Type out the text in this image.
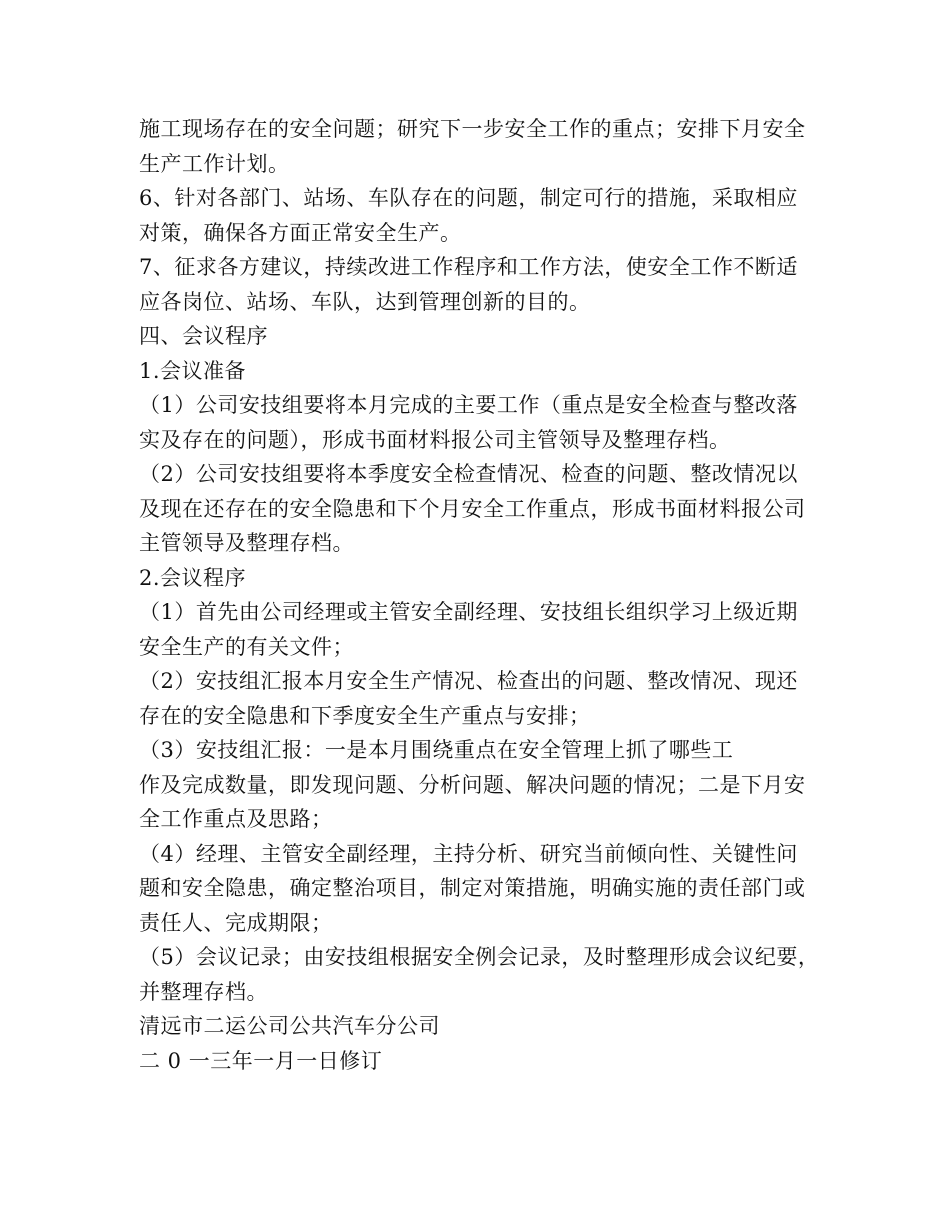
施工现场存在的安全问题；研究下一步安全工作的重点；安排下月安全

生产工作计划。

6、针对各部门、站场、车队存在的问题，制定可行的措施，采取相应

对策，确保各方面正常安全生产。

7、征求各方建议，持续改进工作程序和工作方法，使安全工作不断适

应各岗位、站场、车队，达到管理创新的目的。

四、会议程序

1.会议准备

（1）公司安技组要将本月完成的主要工作（重点是安全检查与整改落

实及存在的问题），形成书面材料报公司主管领导及整理存档。

（2）公司安技组要将本季度安全检查情况、检查的问题、整改情况以

及现在还存在的安全隐患和下个月安全工作重点，形成书面材料报公司

主管领导及整理存档。

2.会议程序

（1）首先由公司经理或主管安全副经理、安技组长组织学习上级近期

安全生产的有关文件；

（2）安技组汇报本月安全生产情况、检查出的问题、整改情况、现还

存在的安全隐患和下季度安全生产重点与安排；

（3）安技组汇报：一是本月围绕重点在安全管理上抓了哪些工

作及完成数量，即发现问题、分析问题、解决问题的情况；二是下月安

全工作重点及思路；

（4）经理、主管安全副经理，主持分析、研究当前倾向性、关键性问

题和安全隐患，确定整治项目，制定对策措施，明确实施的责任部门或

责任人、完成期限；

（5）会议记录；由安技组根据安全例会记录，及时整理形成会议纪要，

并整理存档。

清远市二运公司公共汽车分公司

二 0 一三年一月一日修订
